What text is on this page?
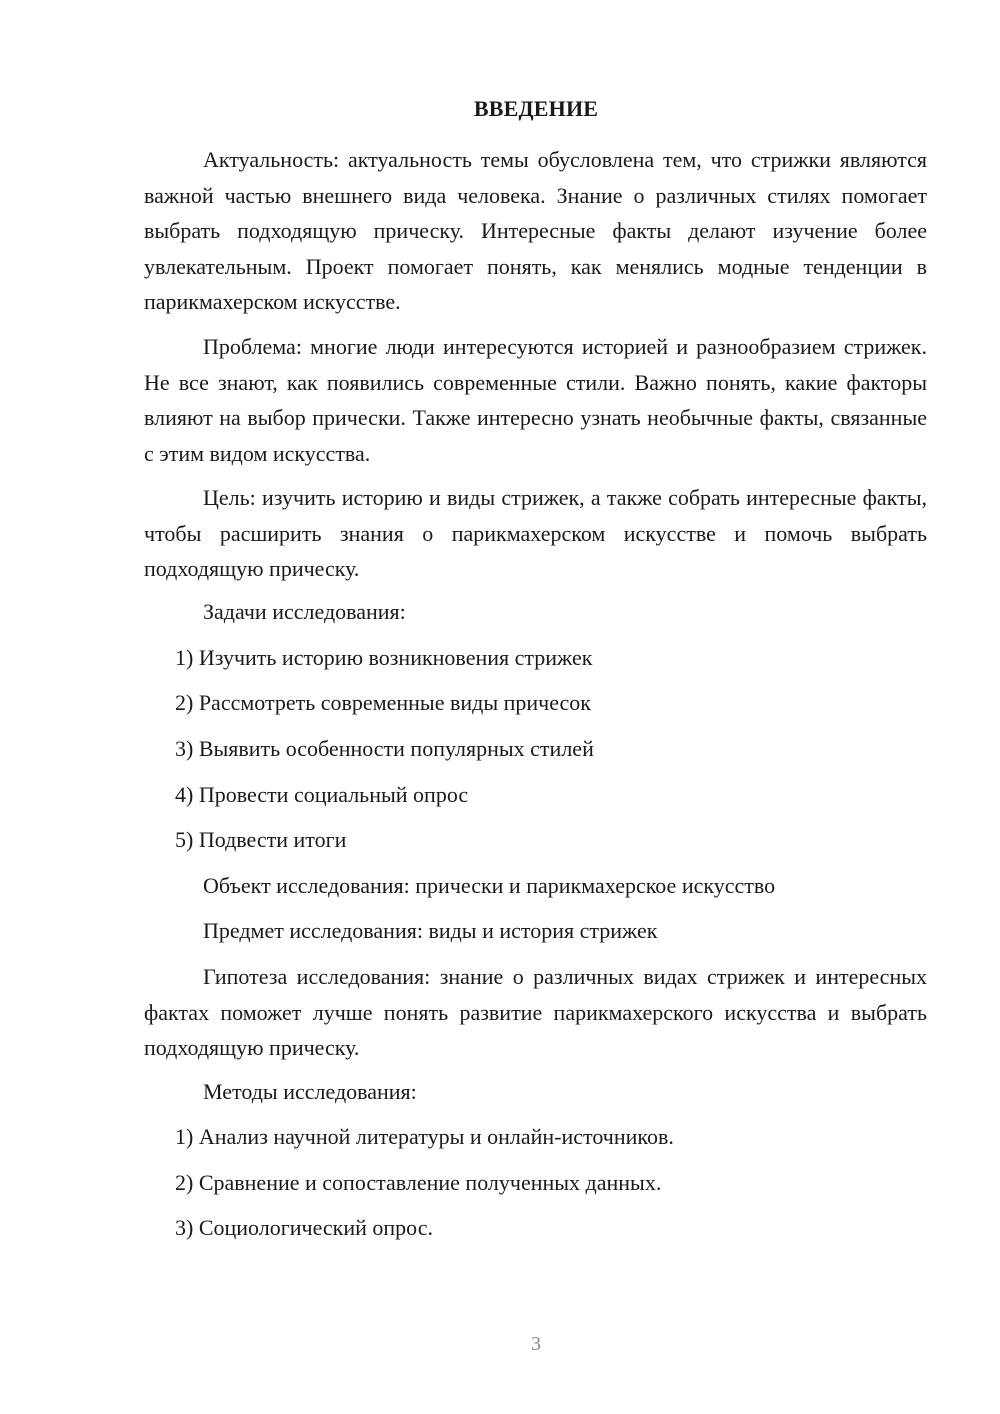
ВВЕДЕНИЕ

Актуальность: актуальность темы обусловлена тем, что стрижки являются важной частью внешнего вида человека. Знание о различных стилях помогает выбрать подходящую прическу. Интересные факты делают изучение более увлекательным. Проект помогает понять, как менялись модные тенденции в парикмахерском искусстве.

Проблема: многие люди интересуются историей и разнообразием стрижек. Не все знают, как появились современные стили. Важно понять, какие факторы влияют на выбор прически. Также интересно узнать необычные факты, связанные с этим видом искусства.

Цель: изучить историю и виды стрижек, а также собрать интересные факты, чтобы расширить знания о парикмахерском искусстве и помочь выбрать подходящую прическу.

Задачи исследования:

1) Изучить историю возникновения стрижек

2) Рассмотреть современные виды причесок

3) Выявить особенности популярных стилей

4) Провести социальный опрос

5) Подвести итоги

Объект исследования: прически и парикмахерское искусство

Предмет исследования: виды и история стрижек

Гипотеза исследования: знание о различных видах стрижек и интересных фактах поможет лучше понять развитие парикмахерского искусства и выбрать подходящую прическу.

Методы исследования:

1) Анализ научной литературы и онлайн-источников.

2) Сравнение и сопоставление полученных данных.

3) Социологический опрос.

3
